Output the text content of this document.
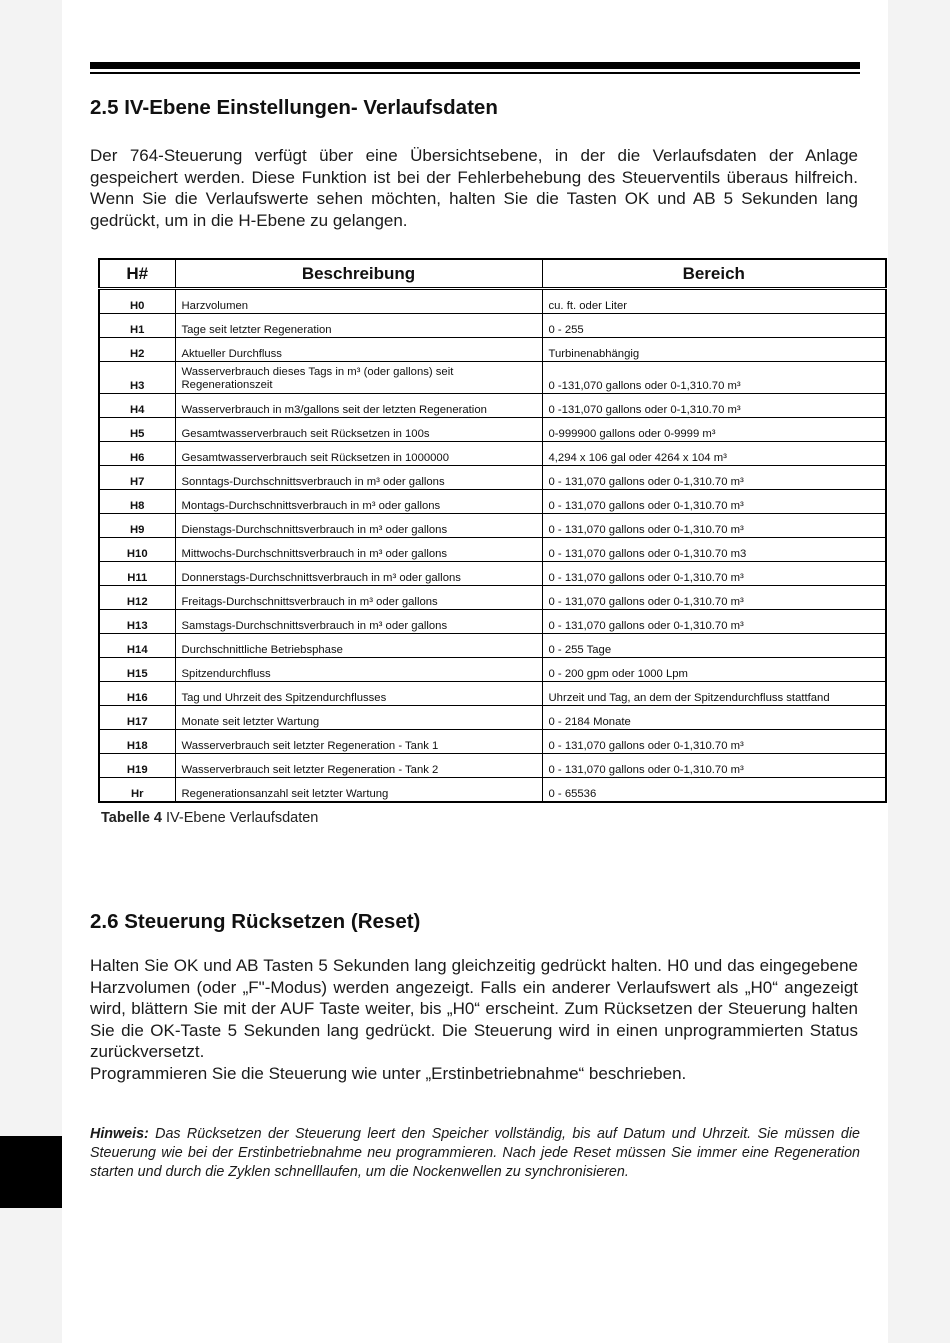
2.5 IV-Ebene Einstellungen- Verlaufsdaten

Der 764-Steuerung verfügt über eine Übersichtsebene, in der die Verlaufsdaten der Anlage gespeichert werden. Diese Funktion ist bei der Fehlerbehebung des Steuerventils überaus hilfreich. Wenn Sie die Verlaufswerte sehen möchten, halten Sie die Tasten OK und AB 5 Sekunden lang gedrückt, um in die H-Ebene zu gelangen.

H#	Beschreibung	Bereich
H0	Harzvolumen	cu. ft. oder Liter
H1	Tage seit letzter Regeneration	0 - 255
H2	Aktueller Durchfluss	Turbinenabhängig
H3	Wasserverbrauch dieses Tags in m³ (oder gallons) seit Regenerationszeit	0 -131,070 gallons oder 0-1,310.70 m³
H4	Wasserverbrauch in m3/gallons seit der letzten Regeneration	0 -131,070 gallons oder 0-1,310.70 m³
H5	Gesamtwasserverbrauch seit Rücksetzen in 100s	0-999900 gallons oder 0-9999 m³
H6	Gesamtwasserverbrauch seit Rücksetzen in 1000000	4,294 x 106 gal oder 4264 x 104 m³
H7	Sonntags-Durchschnittsverbrauch in m³ oder gallons	0 - 131,070 gallons oder 0-1,310.70 m³
H8	Montags-Durchschnittsverbrauch in m³ oder gallons	0 - 131,070 gallons oder 0-1,310.70 m³
H9	Dienstags-Durchschnittsverbrauch in m³ oder gallons	0 - 131,070 gallons oder 0-1,310.70 m³
H10	Mittwochs-Durchschnittsverbrauch in m³ oder gallons	0 - 131,070 gallons oder 0-1,310.70 m3
H11	Donnerstags-Durchschnittsverbrauch in m³ oder gallons	0 - 131,070 gallons oder 0-1,310.70 m³
H12	Freitags-Durchschnittsverbrauch in m³ oder gallons	0 - 131,070 gallons oder 0-1,310.70 m³
H13	Samstags-Durchschnittsverbrauch in m³ oder gallons	0 - 131,070 gallons oder 0-1,310.70 m³
H14	Durchschnittliche Betriebsphase	0 - 255 Tage
H15	Spitzendurchfluss	0 - 200 gpm oder 1000 Lpm
H16	Tag und Uhrzeit des Spitzendurchflusses	Uhrzeit und Tag, an dem der Spitzendurchfluss stattfand
H17	Monate seit letzter Wartung	0 - 2184 Monate
H18	Wasserverbrauch seit letzter Regeneration - Tank 1	0 - 131,070 gallons oder 0-1,310.70 m³
H19	Wasserverbrauch seit letzter Regeneration - Tank 2	0 - 131,070 gallons oder 0-1,310.70 m³
Hr	Regenerationsanzahl seit letzter Wartung	0 - 65536

Tabelle 4 IV-Ebene Verlaufsdaten

2.6 Steuerung Rücksetzen (Reset)
Halten Sie OK und AB Tasten 5 Sekunden lang gleichzeitig gedrückt halten. H0 und das eingegebene Harzvolumen (oder „F"-Modus) werden angezeigt. Falls ein anderer Verlaufswert als „H0“ angezeigt wird, blättern Sie mit der AUF Taste weiter, bis „H0“ erscheint. Zum Rücksetzen der Steuerung halten Sie die OK-Taste 5 Sekunden lang gedrückt. Die Steuerung wird in einen unprogrammierten Status zurückversetzt.
Programmieren Sie die Steuerung wie unter „Erstinbetriebnahme“ beschrieben.

Hinweis: Das Rücksetzen der Steuerung leert den Speicher vollständig, bis auf Datum und Uhrzeit. Sie müssen die Steuerung wie bei der Erstinbetriebnahme neu programmieren. Nach jede Reset müssen Sie immer eine Regeneration starten und durch die Zyklen schnelllaufen, um die Nockenwellen zu synchronisieren.
